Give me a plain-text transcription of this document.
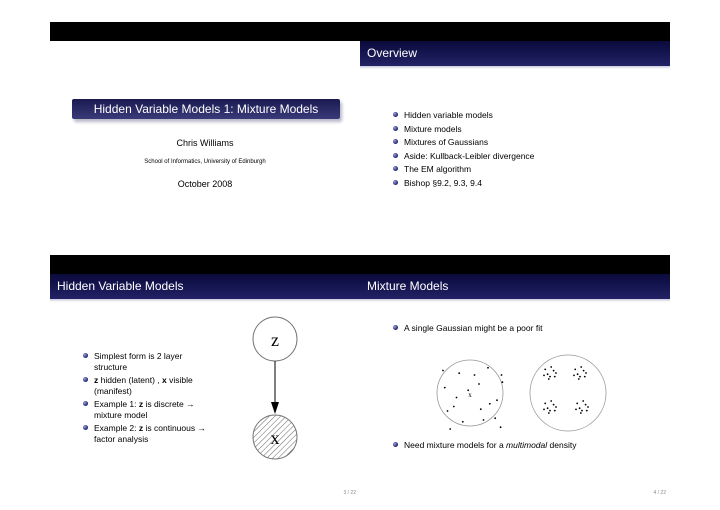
Hidden Variable Models 1: Mixture Models
Chris Williams
School of Informatics, University of Edinburgh
October 2008
Overview
Hidden variable models
Mixture models
Mixtures of Gaussians
Aside: Kullback-Leibler divergence
The EM algorithm
Bishop §9.2, 9.3, 9.4
Hidden Variable Models
Simplest form is 2 layer structure
z hidden (latent) , x visible (manifest)
Example 1: z is discrete → mixture model
Example 2: z is continuous → factor analysis
z
x
3 / 22
Mixture Models
A single Gaussian might be a poor fit
x
Need mixture models for a multimodal density
4 / 22
